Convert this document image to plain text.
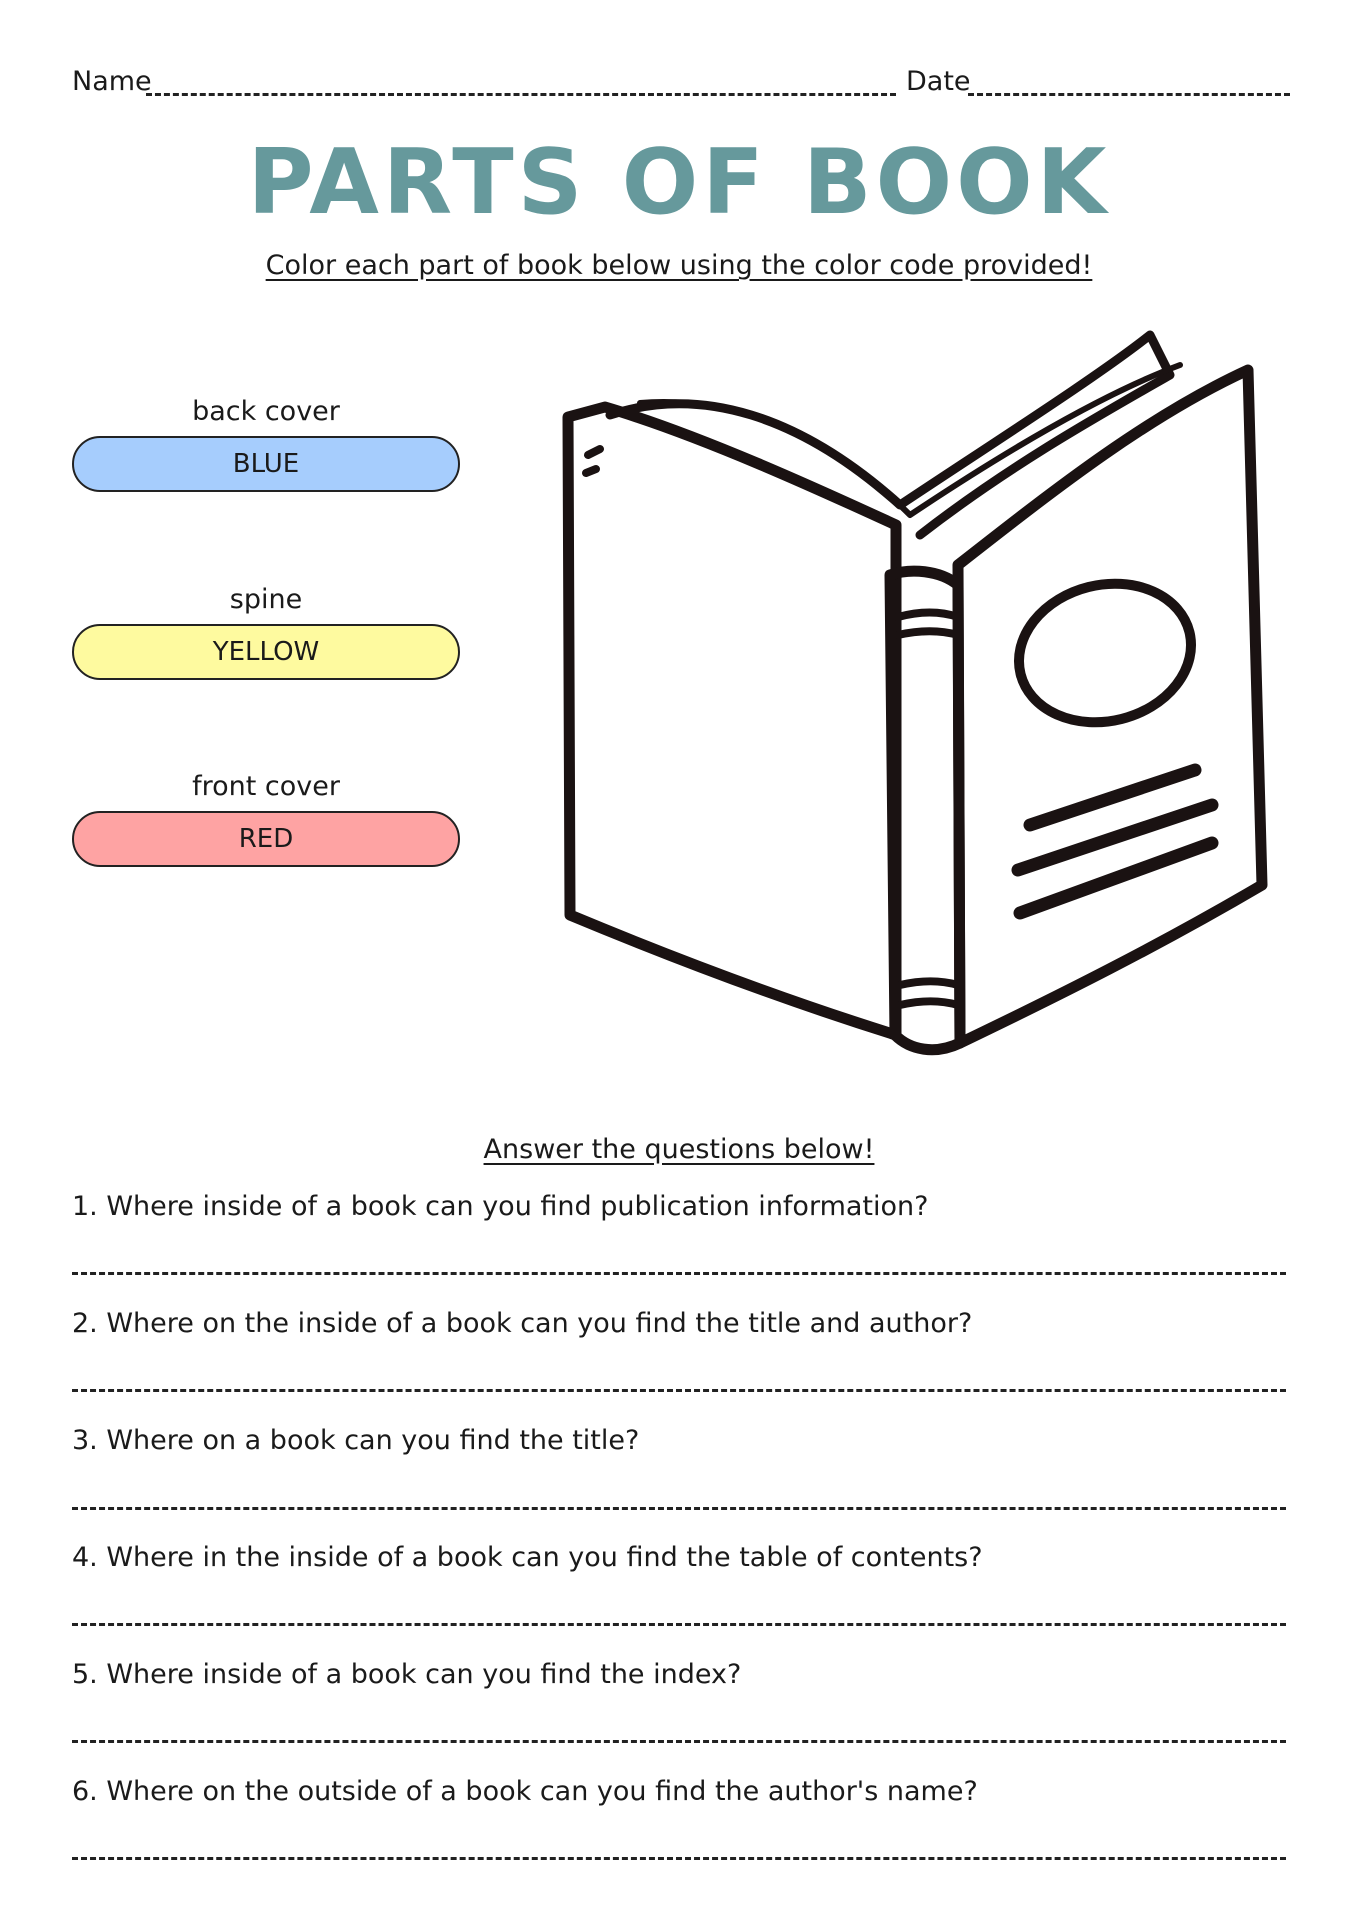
Name	Date
PARTS OF BOOK
Color each part of book below using the color code provided!
back cover
BLUE
spine
YELLOW
front cover
RED
Answer the questions below!
1. Where inside of a book can you find publication information?
2. Where on the inside of a book can you find the title and author?
3. Where on a book can you find the title?
4. Where in the inside of a book can you find the table of contents?
5. Where inside of a book can you find the index?
6. Where on the outside of a book can you find the author's name?
